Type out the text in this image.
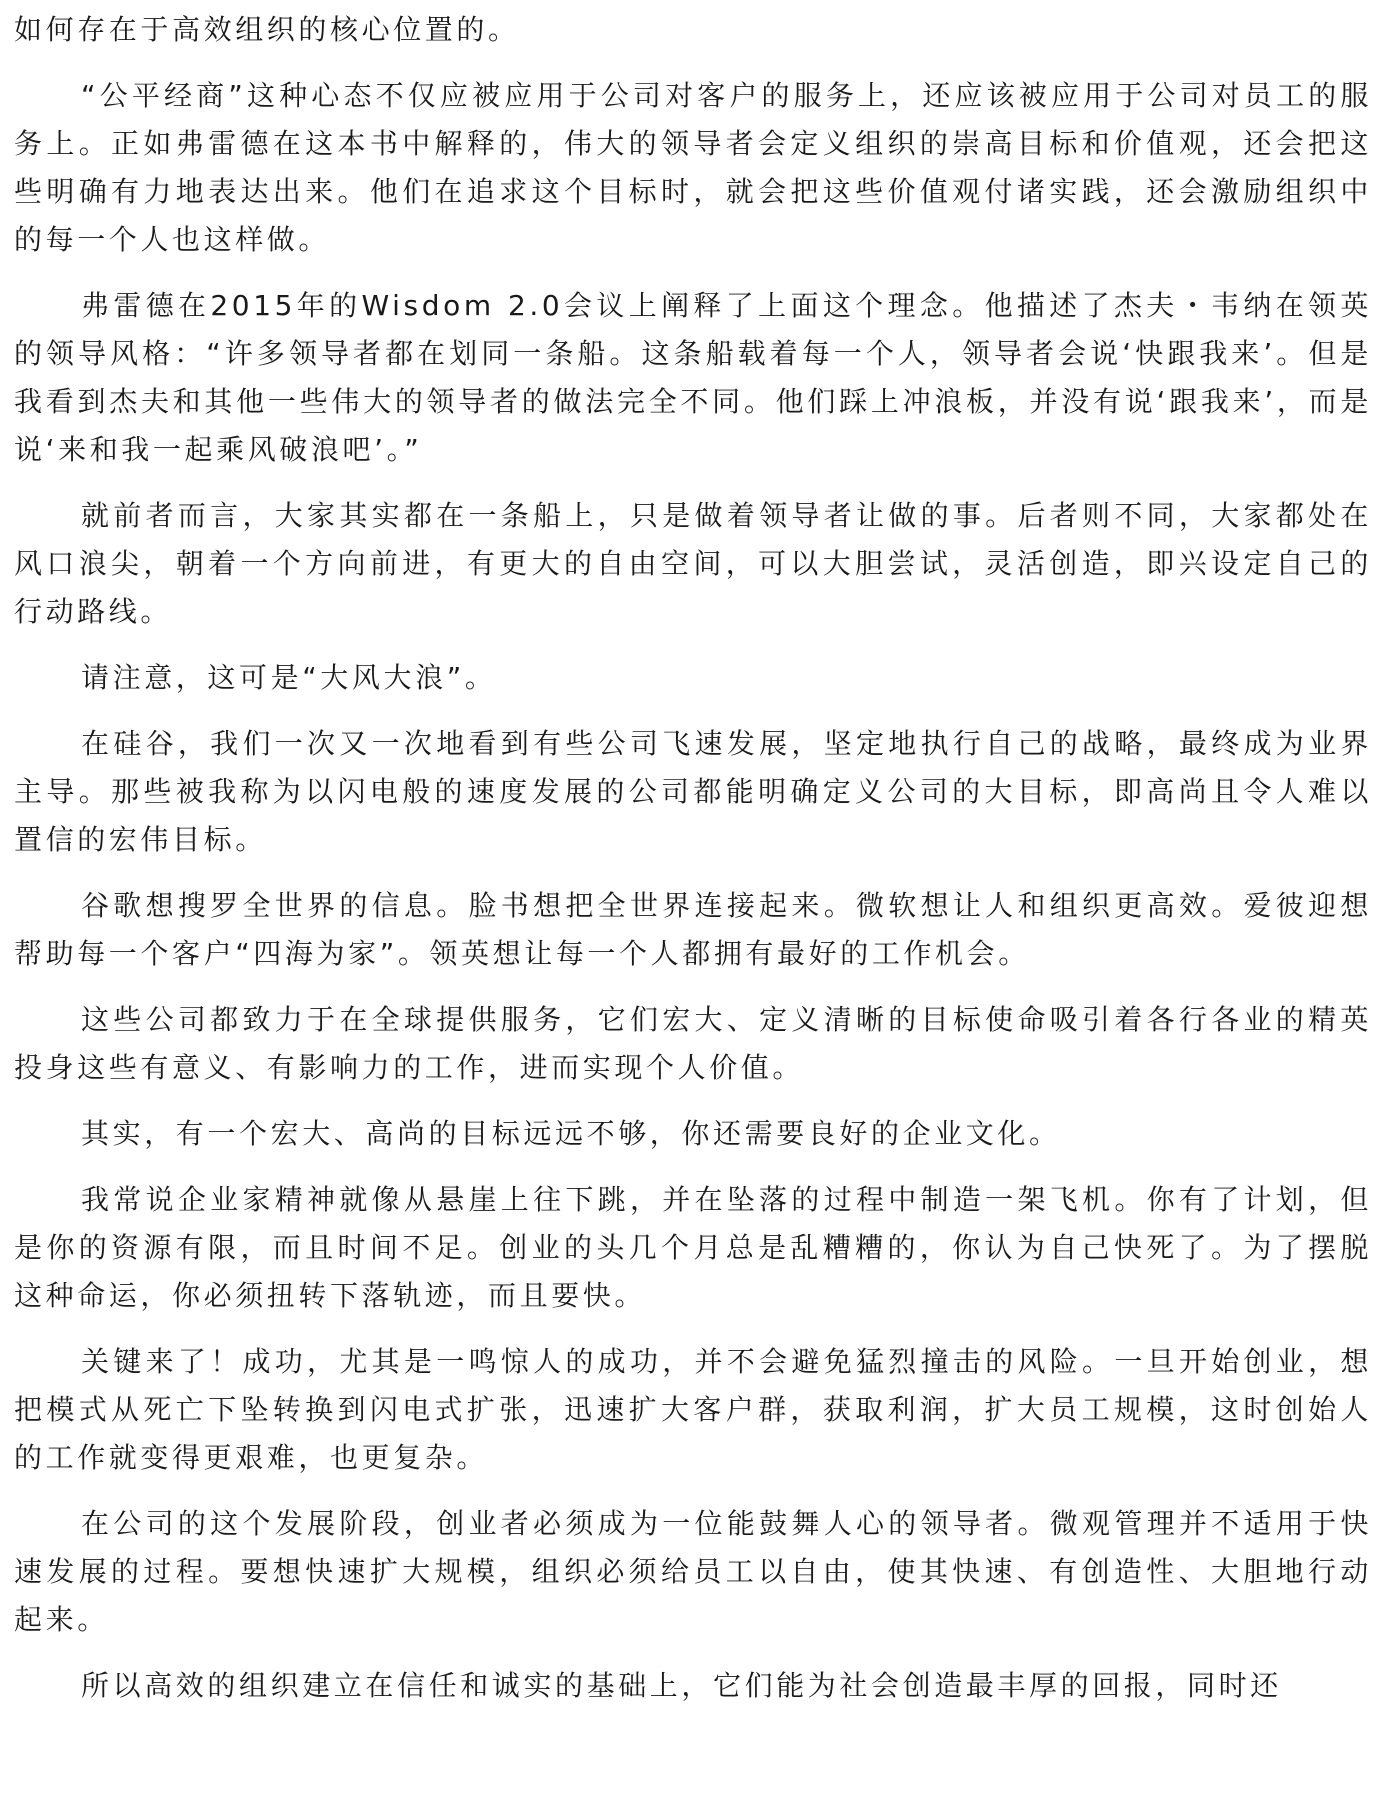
如何存在于高效组织的核心位置的。

“公平经商”这种心态不仅应被应用于公司对客户的服务上，还应该被应用于公司对员工的服务上。正如弗雷德在这本书中解释的，伟大的领导者会定义组织的崇高目标和价值观，还会把这些明确有力地表达出来。他们在追求这个目标时，就会把这些价值观付诸实践，还会激励组织中的每一个人也这样做。

弗雷德在2015年的Wisdom 2.0会议上阐释了上面这个理念。他描述了杰夫・韦纳在领英的领导风格：“许多领导者都在划同一条船。这条船载着每一个人，领导者会说‘快跟我来’。但是我看到杰夫和其他一些伟大的领导者的做法完全不同。他们踩上冲浪板，并没有说‘跟我来’，而是说‘来和我一起乘风破浪吧’。”

就前者而言，大家其实都在一条船上，只是做着领导者让做的事。后者则不同，大家都处在风口浪尖，朝着一个方向前进，有更大的自由空间，可以大胆尝试，灵活创造，即兴设定自己的行动路线。

请注意，这可是“大风大浪”。

在硅谷，我们一次又一次地看到有些公司飞速发展，坚定地执行自己的战略，最终成为业界主导。那些被我称为以闪电般的速度发展的公司都能明确定义公司的大目标，即高尚且令人难以置信的宏伟目标。

谷歌想搜罗全世界的信息。脸书想把全世界连接起来。微软想让人和组织更高效。爱彼迎想帮助每一个客户“四海为家”。领英想让每一个人都拥有最好的工作机会。

这些公司都致力于在全球提供服务，它们宏大、定义清晰的目标使命吸引着各行各业的精英投身这些有意义、有影响力的工作，进而实现个人价值。

其实，有一个宏大、高尚的目标远远不够，你还需要良好的企业文化。

我常说企业家精神就像从悬崖上往下跳，并在坠落的过程中制造一架飞机。你有了计划，但是你的资源有限，而且时间不足。创业的头几个月总是乱糟糟的，你认为自己快死了。为了摆脱这种命运，你必须扭转下落轨迹，而且要快。

关键来了！成功，尤其是一鸣惊人的成功，并不会避免猛烈撞击的风险。一旦开始创业，想把模式从死亡下坠转换到闪电式扩张，迅速扩大客户群，获取利润，扩大员工规模，这时创始人的工作就变得更艰难，也更复杂。

在公司的这个发展阶段，创业者必须成为一位能鼓舞人心的领导者。微观管理并不适用于快速发展的过程。要想快速扩大规模，组织必须给员工以自由，使其快速、有创造性、大胆地行动起来。

所以高效的组织建立在信任和诚实的基础上，它们能为社会创造最丰厚的回报，同时还
